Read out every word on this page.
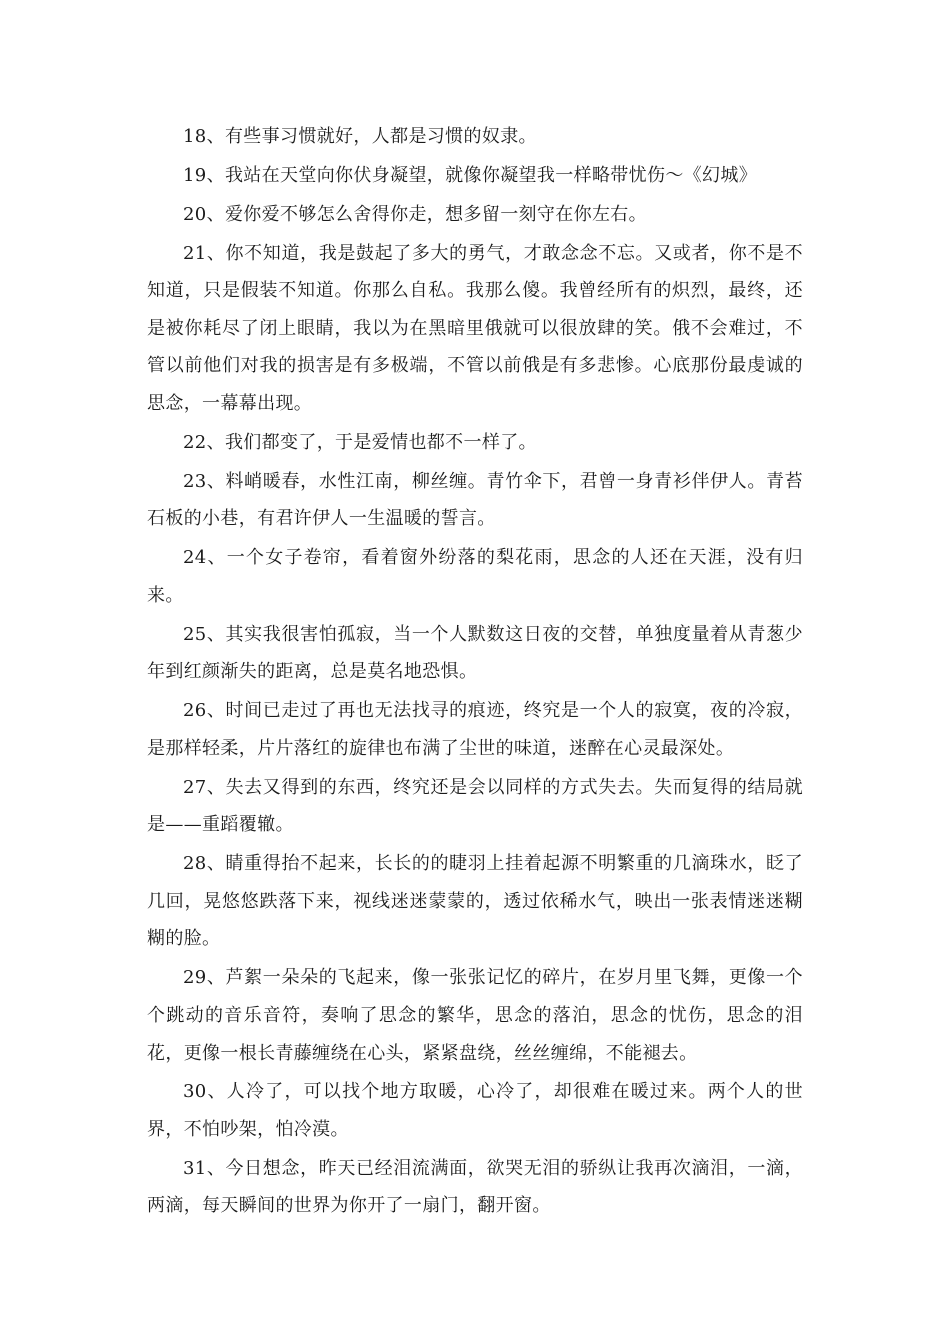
18、有些事习惯就好，人都是习惯的奴隶。

19、我站在天堂向你伏身凝望，就像你凝望我一样略带忧伤～《幻城》

20、爱你爱不够怎么舍得你走，想多留一刻守在你左右。

21、你不知道，我是鼓起了多大的勇气，才敢念念不忘。又或者，你不是不知道，只是假装不知道。你那么自私。我那么傻。我曾经所有的炽烈，最终，还是被你耗尽了闭上眼睛，我以为在黑暗里俄就可以很放肆的笑。俄不会难过，不管以前他们对我的损害是有多极端，不管以前俄是有多悲惨。心底那份最虔诚的思念，一幕幕出现。

22、我们都变了，于是爱情也都不一样了。

23、料峭暖春，水性江南，柳丝缠。青竹伞下，君曾一身青衫伴伊人。青苔石板的小巷，有君许伊人一生温暖的誓言。

24、一个女子卷帘，看着窗外纷落的梨花雨，思念的人还在天涯，没有归来。

25、其实我很害怕孤寂，当一个人默数这日夜的交替，单独度量着从青葱少年到红颜渐失的距离，总是莫名地恐惧。

26、时间已走过了再也无法找寻的痕迹，终究是一个人的寂寞，夜的冷寂，是那样轻柔，片片落红的旋律也布满了尘世的味道，迷醉在心灵最深处。

27、失去又得到的东西，终究还是会以同样的方式失去。失而复得的结局就是——重蹈覆辙。

28、睛重得抬不起来，长长的的睫羽上挂着起源不明繁重的几滴珠水，眨了几回，晃悠悠跌落下来，视线迷迷蒙蒙的，透过依稀水气，映出一张表情迷迷糊糊的脸。

29、芦絮一朵朵的飞起来，像一张张记忆的碎片，在岁月里飞舞，更像一个个跳动的音乐音符，奏响了思念的繁华，思念的落泊，思念的忧伤，思念的泪花，更像一根长青藤缠绕在心头，紧紧盘绕，丝丝缠绵，不能褪去。

30、人冷了，可以找个地方取暖，心冷了，却很难在暖过来。两个人的世界，不怕吵架，怕冷漠。

31、今日想念，昨天已经泪流满面，欲哭无泪的骄纵让我再次滴泪，一滴，两滴，每天瞬间的世界为你开了一扇门，翻开窗。
